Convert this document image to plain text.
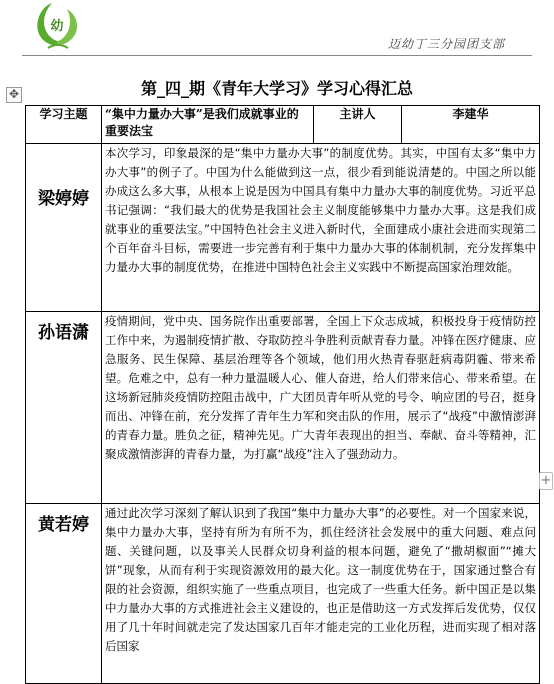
幼
迈幼丁三分园团支部
✥	第_四_期《青年大学习》学习心得汇总
学习主题	“集中力量办大事”是我们成就事业的重要法宝	主讲人	李建华
梁婷婷	本次学习，印象最深的是“集中力量办大事”的制度优势。其实，中国有太多“集中力办大事”的例子了。中国为什么能做到这一点，很少看到能说清楚的。中国之所以能办成这么多大事，从根本上说是因为中国具有集中力量办大事的制度优势。习近平总书记强调：“我们最大的优势是我国社会主义制度能够集中力量办大事。这是我们成就事业的重要法宝。”中国特色社会主义进入新时代，全面建成小康社会进而实现第二个百年奋斗目标，需要进一步完善有利于集中力量办大事的体制机制，充分发挥集中力量办大事的制度优势，在推进中国特色社会主义实践中不断提高国家治理效能。		
孙语潇	疫情期间，党中央、国务院作出重要部署，全国上下众志成城，积极投身于疫情防控工作中来，为遏制疫情扩散、夺取防控斗争胜利贡献青春力量。冲锋在医疗健康、应急服务、民生保障、基层治理等各个领域，他们用火热青春驱赶病毒阴霾、带来希望。危难之中，总有一种力量温暖人心、催人奋进，给人们带来信心、带来希望。在这场新冠肺炎疫情防控阻击战中，广大团员青年听从党的号令、响应团的号召，挺身而出、冲锋在前，充分发挥了青年生力军和突击队的作用，展示了“战疫”中激情澎湃的青春力量。胜负之征，精神先见。广大青年表现出的担当、奉献、奋斗等精神，汇聚成激情澎湃的青春力量，为打赢“战疫”注入了强劲动力。		
黄若婷	通过此次学习深刻了解认识到了我国“集中力量办大事”的必要性。对一个国家来说，集中力量办大事，坚持有所为有所不为，抓住经济社会发展中的重大问题、难点问题、关键问题，以及事关人民群众切身利益的根本问题，避免了“撒胡椒面”“摊大饼”现象，从而有利于实现资源效用的最大化。这一制度优势在于，国家通过整合有限的社会资源，组织实施了一些重点项目，也完成了一些重大任务。新中国正是以集中力量办大事的方式推进社会主义建设的，也正是借助这一方式发挥后发优势，仅仅用了几十年时间就走完了发达国家几百年才能走完的工业化历程，进而实现了相对落后国家		
+
